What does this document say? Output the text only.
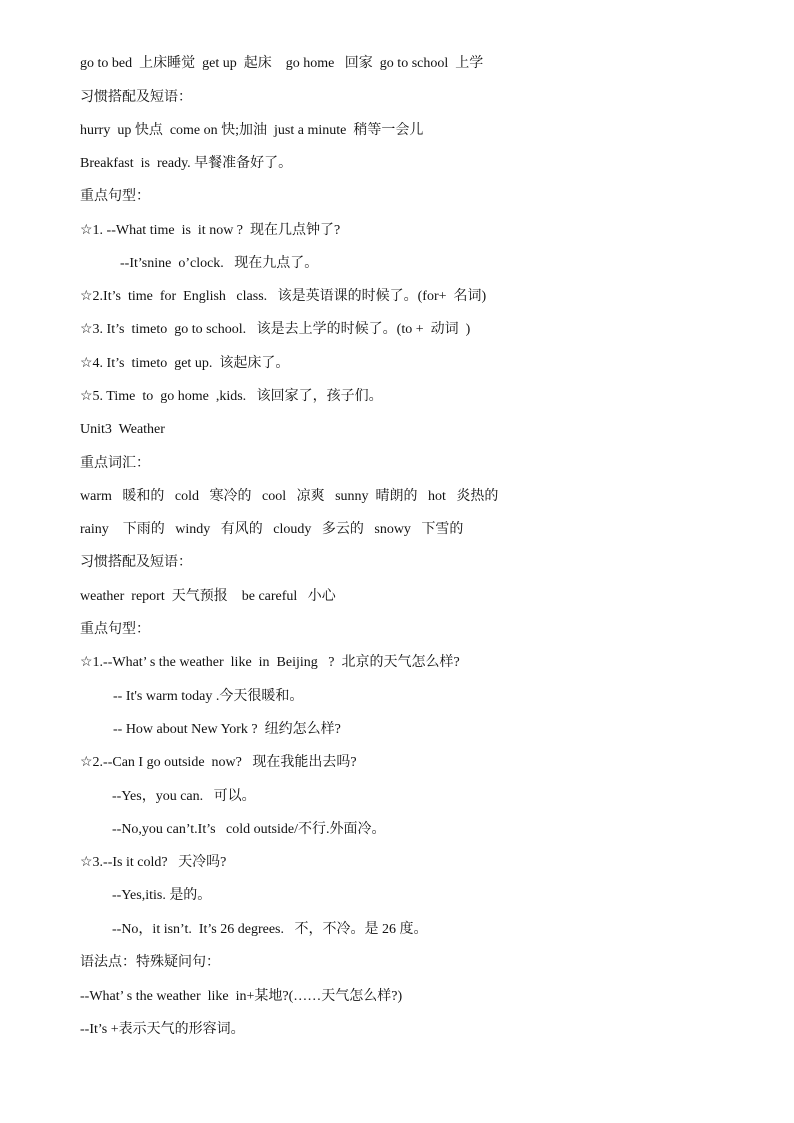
go to bed  上床睡觉  get up  起床    go home   回家  go to school  上学
习惯搭配及短语：
hurry  up 快点  come on 快;加油  just a minute  稍等一会儿
Breakfast  is  ready. 早餐准备好了。
重点句型：
☆1. --What time  is  it now ?  现在几点钟了?
--It’snine  o’clock.   现在九点了。
☆2.It’s  time  for  English   class.   该是英语课的时候了。(for+  名词)
☆3. It’s  timeto  go to school.   该是去上学的时候了。(to +  动词  )
☆4. It’s  timeto  get up.  该起床了。
☆5. Time  to  go home  ,kids.   该回家了，孩子们。
Unit3  Weather
重点词汇：
warm   暖和的   cold   寒冷的   cool   凉爽   sunny  晴朗的   hot   炎热的
rainy    下雨的   windy   有风的   cloudy   多云的   snowy   下雪的
习惯搭配及短语：
weather  report  天气预报    be careful   小心
重点句型：
☆1.--What’ s the weather  like  in  Beijing   ?  北京的天气怎么样?
-- It's warm today .今天很暖和。
-- How about New York ?  纽约怎么样?
☆2.--Can I go outside  now?   现在我能出去吗?
--Yes，you can.   可以。
--No,you can’t.It’s   cold outside/不行.外面冷。
☆3.--Is it cold?   天冷吗?
--Yes,itis. 是的。
--No，it isn’t.  It’s 26 degrees.   不，不冷。是 26 度。
语法点：特殊疑问句：
--What’ s the weather  like  in+某地?(……天气怎么样?)
--It’s +表示天气的形容词。
